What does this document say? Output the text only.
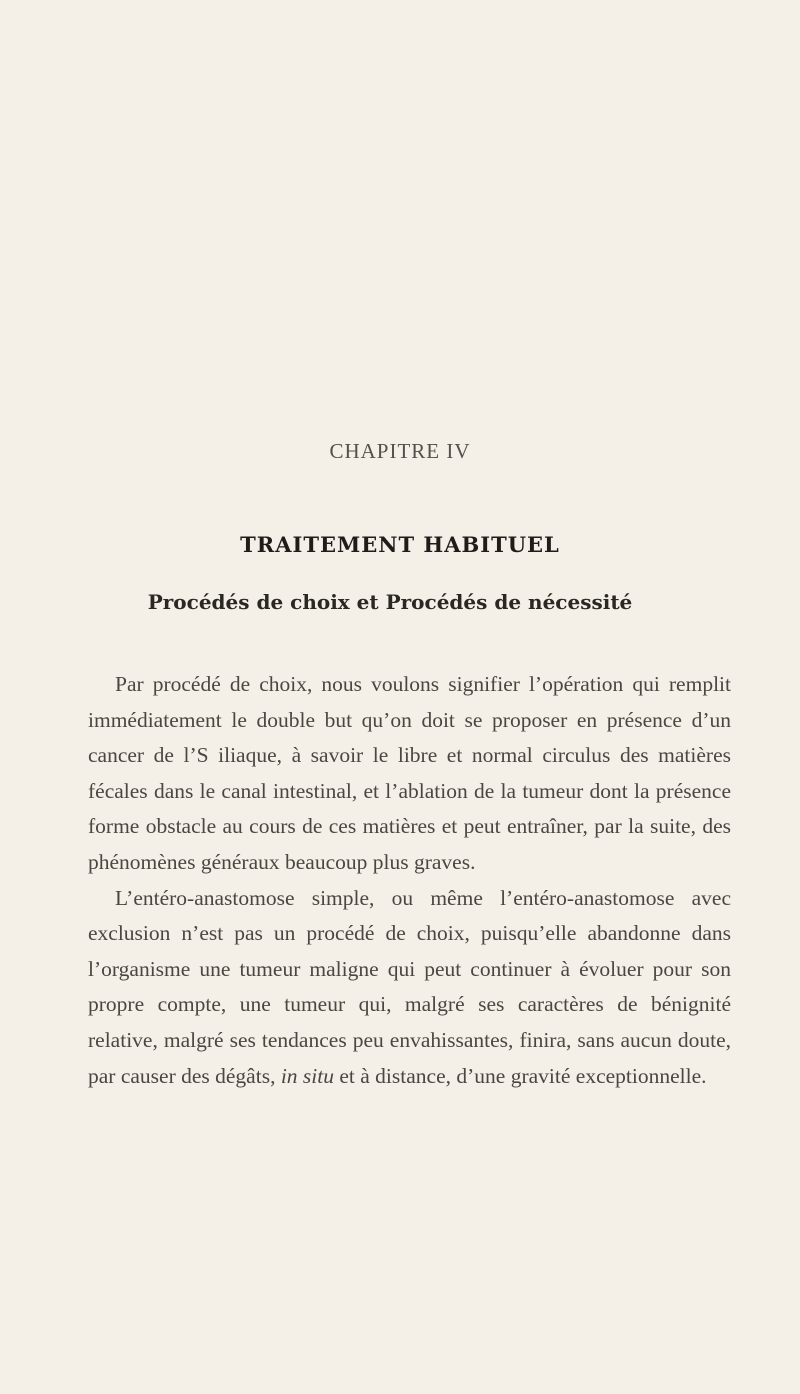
CHAPITRE IV
TRAITEMENT HABITUEL
Procédés de choix et Procédés de nécessité

Par procédé de choix, nous voulons signifier l’opération qui remplit immédiatement le double but qu’on doit se proposer en présence d’un cancer de l’S iliaque, à savoir le libre et normal circulus des matières fécales dans le canal intestinal, et l’ablation de la tumeur dont la présence forme obstacle au cours de ces matières et peut entraîner, par la suite, des phénomènes généraux beaucoup plus graves.

L’entéro-anastomose simple, ou même l’entéro-anastomose avec exclusion n’est pas un procédé de choix, puisqu’elle abandonne dans l’organisme une tumeur maligne qui peut continuer à évoluer pour son propre compte, une tumeur qui, malgré ses caractères de bénignité relative, malgré ses tendances peu envahissantes, finira, sans aucun doute, par causer des dégâts, in situ et à distance, d’une gravité exceptionnelle.
